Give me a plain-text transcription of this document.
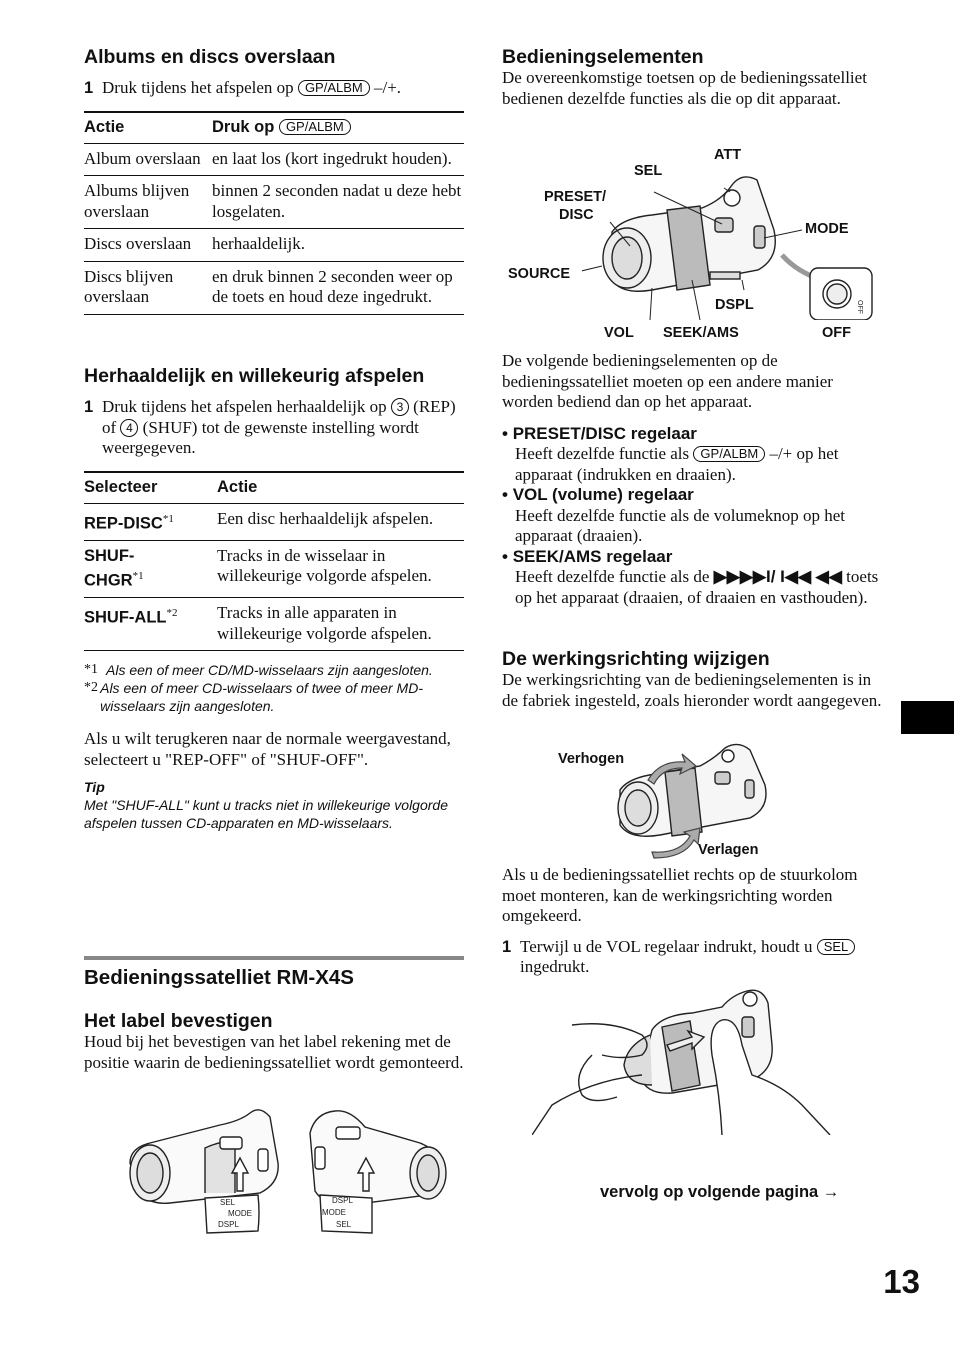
Albums en discs overslaan
1 Druk tijdens het afspelen op GP/ALBM –/+.

Actie	Druk op GP/ALBM
Album overslaan	en laat los (kort ingedrukt houden).
Albums blijven overslaan	binnen 2 seconden nadat u deze hebt losgelaten.
Discs overslaan	herhaaldelijk.
Discs blijven overslaan	en druk binnen 2 seconden weer op de toets en houd deze ingedrukt.
Herhaaldelijk en willekeurig afspelen
1 Druk tijdens het afspelen herhaaldelijk op 3 (REP) of 4 (SHUF) tot de gewenste instelling wordt weergegeven.

Selecteer	Actie
REP-DISC$^{*1}$	Een disc herhaaldelijk afspelen.
SHUF-CHGR$^{*1}$	Tracks in de wisselaar in willekeurige volgorde afspelen.
SHUF-ALL$^{*2}$	Tracks in alle apparaten in willekeurige volgorde afspelen.
*1 Als een of meer CD/MD-wisselaars zijn aangesloten.
*2 Als een of meer CD-wisselaars of twee of meer MD-wisselaars zijn aangesloten.

Als u wilt terugkeren naar de normale weergavestand, selecteert u "REP-OFF" of "SHUF-OFF".

Tip
Met "SHUF-ALL" kunt u tracks niet in willekeurige volgorde afspelen tussen CD-apparaten en MD-wisselaars.
Bedieningssatelliet RM-X4S
Het label bevestigen

Houd bij het bevestigen van het label rekening met de positie waarin de bedieningssatelliet wordt gemonteerd.

SEL
MODE
DSPL
DSPL
MODE
SEL
Bedieningselementen

De overeenkomstige toetsen op de bedieningssatelliet bedienen dezelfde functies als die op dit apparaat.

OFF
ATT
SEL
PRESET/
DISC
MODE
SOURCE
DSPL
VOL SEEK/AMS	OFF

De volgende bedieningselementen op de bedieningssatelliet moeten op een andere manier worden bediend dan op het apparaat.

• PRESET/DISC regelaar

Heeft dezelfde functie als GP/ALBM –/+ op het apparaat (indrukken en draaien).

• VOL (volume) regelaar

Heeft dezelfde functie als de volumeknop op het apparaat (draaien).

• SEEK/AMS regelaar

Heeft dezelfde functie als de ▶▶▶▶I/ I◀◀ ◀◀ toets op het apparaat (draaien, of draaien en vasthouden).

De werkingsrichting wijzigen

De werkingsrichting van de bedieningselementen is in de fabriek ingesteld, zoals hieronder wordt aangegeven.

Verhogen
Verlagen

Als u de bedieningssatelliet rechts op de stuurkolom moet monteren, kan de werkingsrichting worden omgekeerd.

1 Terwijl u de VOL regelaar indrukt, houdt u SEL ingedrukt.

vervolg op volgende pagina →
13
